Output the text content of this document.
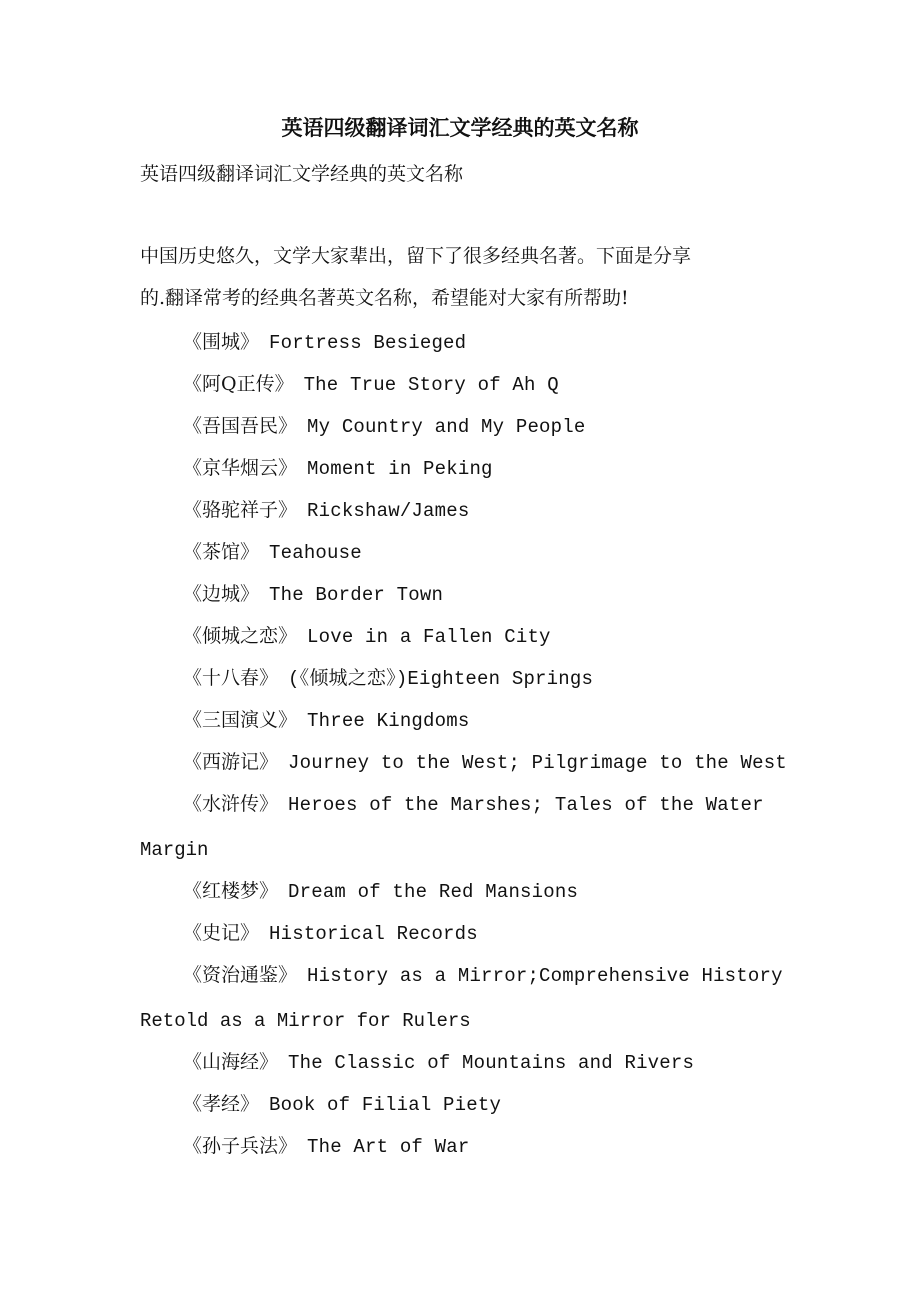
英语四级翻译词汇文学经典的英文名称

英语四级翻译词汇文学经典的英文名称

中国历史悠久，文学大家辈出，留下了很多经典名著。下面是分享
的.翻译常考的经典名著英文名称，希望能对大家有所帮助!

《围城》 Fortress Besieged
《阿Q正传》 The True Story of Ah Q
《吾国吾民》 My Country and My People
《京华烟云》 Moment in Peking
《骆驼祥子》 Rickshaw/James
《茶馆》 Teahouse
《边城》 The Border Town
《倾城之恋》 Love in a Fallen City
《十八春》 (《倾城之恋》)Eighteen Springs
《三国演义》 Three Kingdoms
《西游记》 Journey to the West; Pilgrimage to the West
《水浒传》 Heroes of the Marshes; Tales of the Water
Margin
《红楼梦》 Dream of the Red Mansions
《史记》 Historical Records
《资治通鉴》 History as a Mirror;Comprehensive History
Retold as a Mirror for Rulers
《山海经》 The Classic of Mountains and Rivers
《孝经》 Book of Filial Piety
《孙子兵法》 The Art of War
